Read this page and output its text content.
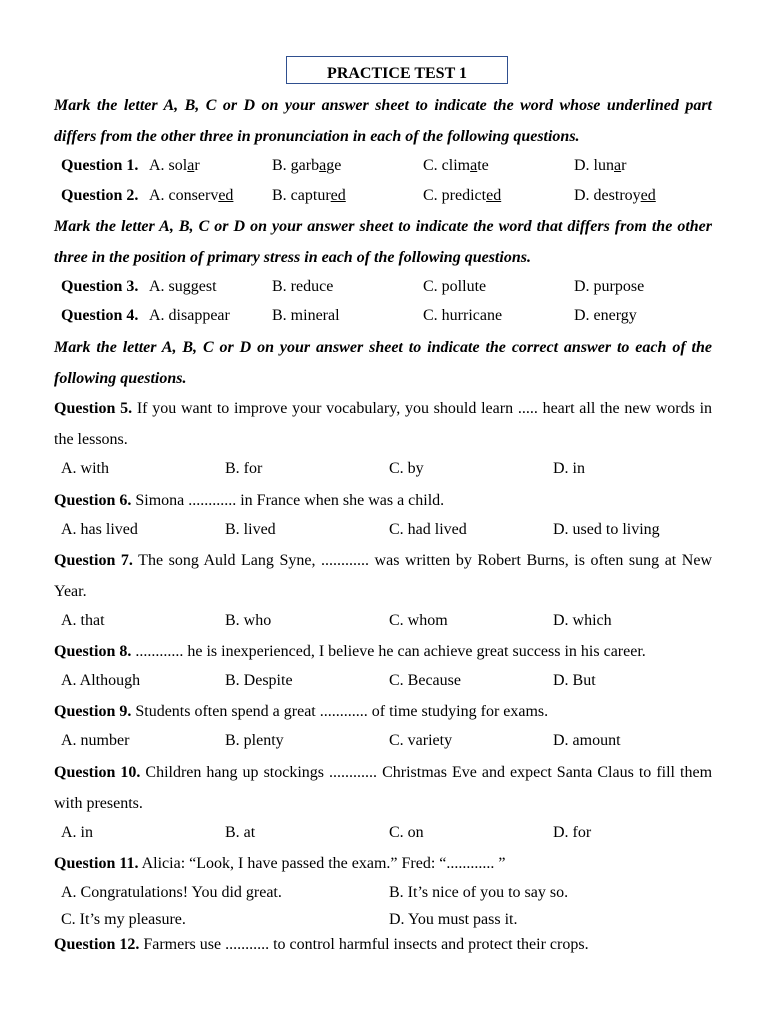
PRACTICE TEST 1
Mark the letter A, B, C or D on your answer sheet to indicate the word whose underlined part differs from the other three in pronunciation in each of the following questions.
Question 1. A. solar	B. garbage	C. climate	D. lunar
Question 2. A. conserved B. captured	C. predicted	D. destroyed
Mark the letter A, B, C or D on your answer sheet to indicate the word that differs from the other three in the position of primary stress in each of the following questions.
Question 3. A. suggest	B. reduce	C. pollute	D. purpose
Question 4. A. disappear	B. mineral	C. hurricane	D. energy
Mark the letter A, B, C or D on your answer sheet to indicate the correct answer to each of the following questions.
Question 5. If you want to improve your vocabulary, you should learn ..... heart all the new words in the lessons.
A. with	B. for	C. by	D. in
Question 6. Simona ............ in France when she was a child.
A. has lived	B. lived	C. had lived	D. used to living
Question 7. The song Auld Lang Syne, ............ was written by Robert Burns, is often sung at New Year.
A. that	B. who	C. whom	D. which
Question 8. ............ he is inexperienced, I believe he can achieve great success in his career.
A. Although	B. Despite	C. Because	D. But
Question 9. Students often spend a great ............ of time studying for exams.
A. number	B. plenty	C. variety	D. amount
Question 10. Children hang up stockings ............ Christmas Eve and expect Santa Claus to fill them with presents.
A. in	B. at	C. on	D. for
Question 11. Alicia: “Look, I have passed the exam.” Fred: “............ ”
A. Congratulations! You did great.	B. It’s nice of you to say so.
C. It’s my pleasure.	D. You must pass it.
Question 12. Farmers use ........... to control harmful insects and protect their crops.
